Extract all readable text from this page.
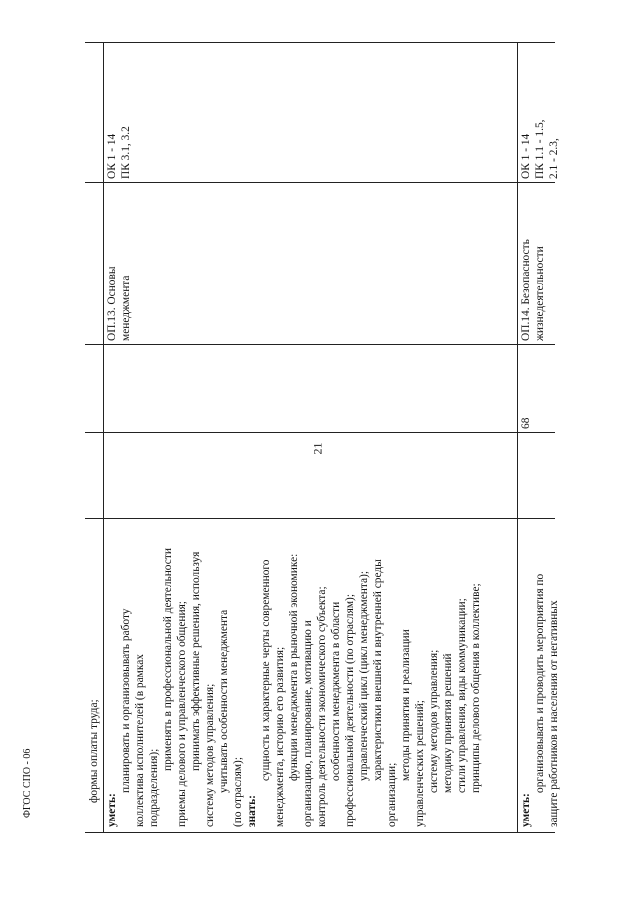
21
ФГОС СПО - 06	формы оплаты труда;
уметь:
планировать и организовывать работу коллектива исполнителей (в рамках подразделения);
применять в профессиональной деятельности приемы делового и управленческого общения; принимать эффективные решения, используя систему методов управления; учитывать особенности менеджмента (по отраслям); знать:
сущность и характерные черты современного менеджмента, историю его развития; функции менеджмента в рыночной экономике: организацию, планирование, мотивацию и контроль деятельности экономического субъекта; особенности менеджмента в области профессиональной деятельности (по отраслям); управленческий цикл (цикл менеджмента); характеристики внешней и внутренней среды
организации;
методы принятия и реализации управленческих решений; систему методов управления; методику принятия решений стили управления, виды коммуникации; принципы делового общения в коллективе;
ОП.13. Основы менеджмента
ОК 1 - 14 ПК 3.1, 3.2
уметь:
организовывать и проводить мероприятия по защите работников и населения от негативных
68
ОП.14. Безопасность жизнедеятельности
ОК 1 - 14 ПК 1.1 - 1.5, 2.1 - 2.3,
